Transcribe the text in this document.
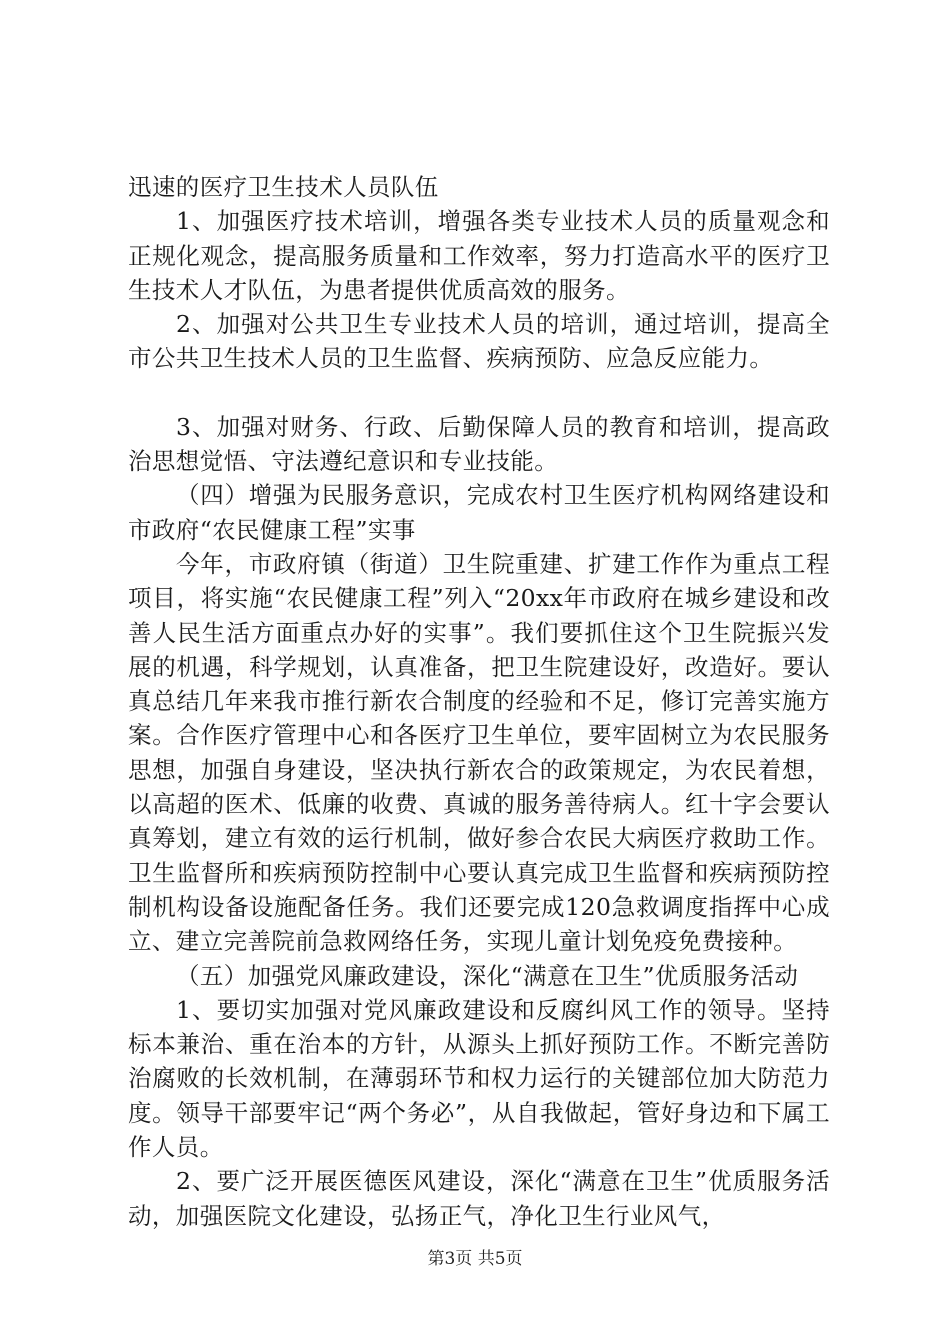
迅速的医疗卫生技术人员队伍

1、加强医疗技术培训，增强各类专业技术人员的质量观念和正规化观念，提高服务质量和工作效率，努力打造高水平的医疗卫生技术人才队伍，为患者提供优质高效的服务。

2、加强对公共卫生专业技术人员的培训，通过培训，提高全市公共卫生技术人员的卫生监督、疾病预防、应急反应能力。

3、加强对财务、行政、后勤保障人员的教育和培训，提高政治思想觉悟、守法遵纪意识和专业技能。

（四）增强为民服务意识，完成农村卫生医疗机构网络建设和市政府“农民健康工程”实事

今年，市政府镇（街道）卫生院重建、扩建工作作为重点工程项目，将实施“农民健康工程”列入“20xx年市政府在城乡建设和改善人民生活方面重点办好的实事”。我们要抓住这个卫生院振兴发展的机遇，科学规划，认真准备，把卫生院建设好，改造好。要认真总结几年来我市推行新农合制度的经验和不足，修订完善实施方案。合作医疗管理中心和各医疗卫生单位，要牢固树立为农民服务思想，加强自身建设，坚决执行新农合的政策规定，为农民着想，以高超的医术、低廉的收费、真诚的服务善待病人。红十字会要认真筹划，建立有效的运行机制，做好参合农民大病医疗救助工作。卫生监督所和疾病预防控制中心要认真完成卫生监督和疾病预防控制机构设备设施配备任务。我们还要完成120急救调度指挥中心成立、建立完善院前急救网络任务，实现儿童计划免疫免费接种。

（五）加强党风廉政建设，深化“满意在卫生”优质服务活动

1、要切实加强对党风廉政建设和反腐纠风工作的领导。坚持标本兼治、重在治本的方针，从源头上抓好预防工作。不断完善防治腐败的长效机制，在薄弱环节和权力运行的关键部位加大防范力度。领导干部要牢记“两个务必”，从自我做起，管好身边和下属工作人员。

2、要广泛开展医德医风建设，深化“满意在卫生”优质服务活动，加强医院文化建设，弘扬正气，净化卫生行业风气，

第3页 共5页
